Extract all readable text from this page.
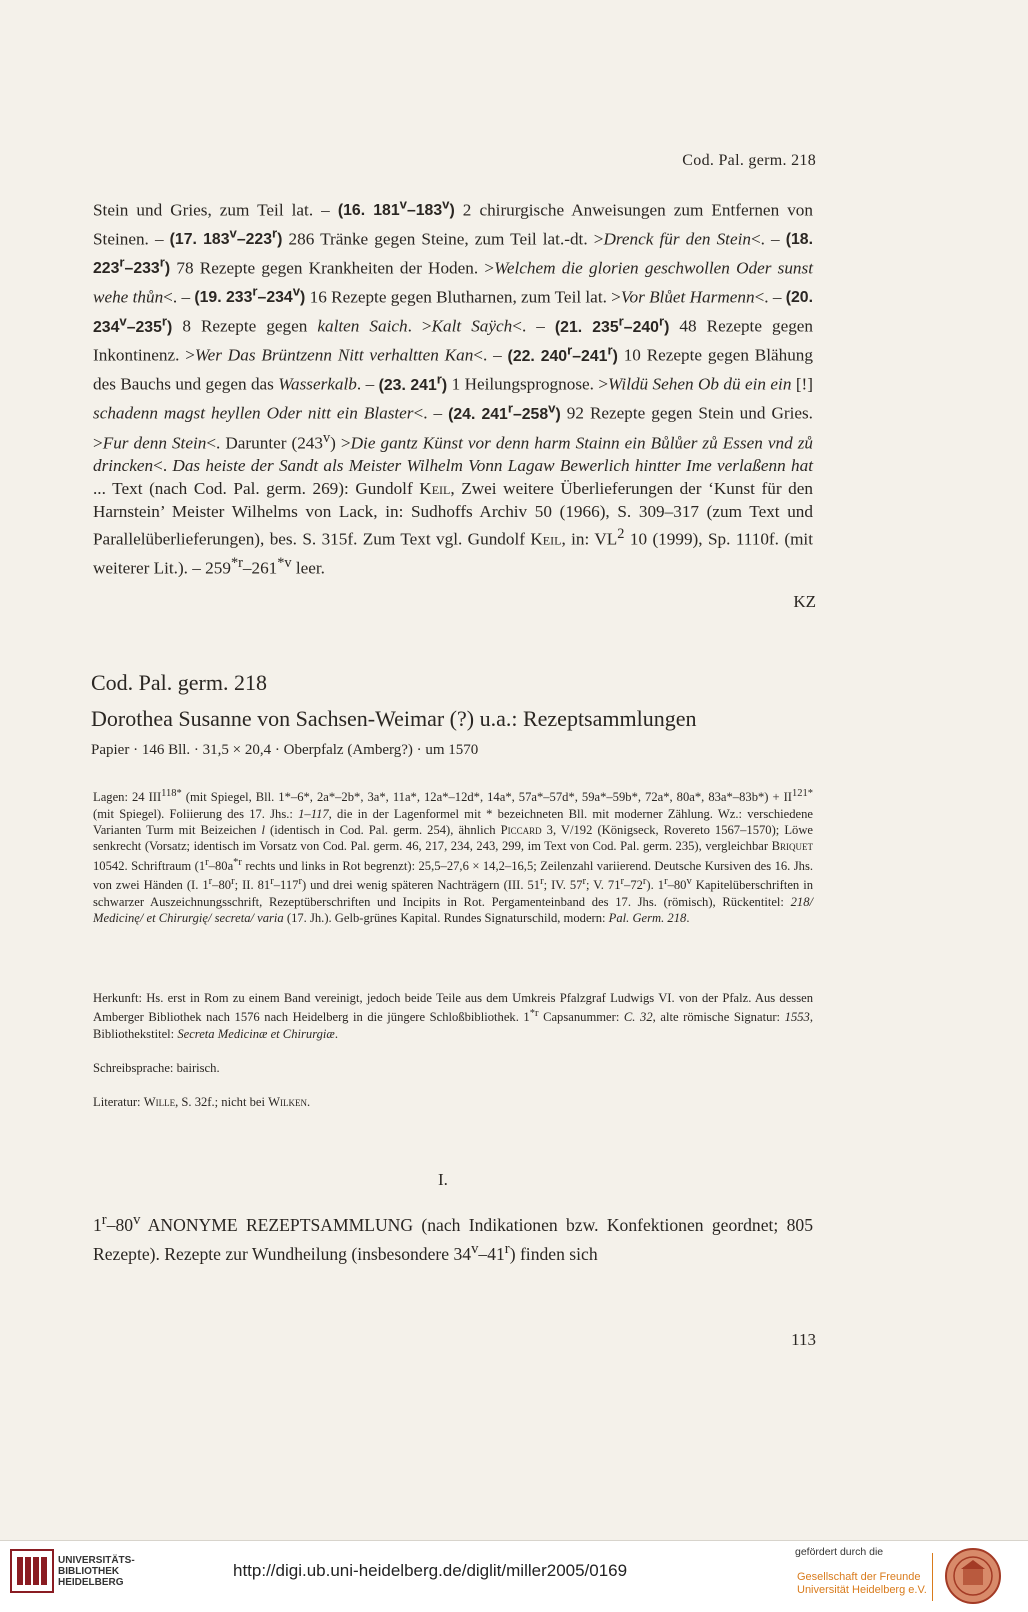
Cod. Pal. germ. 218
Stein und Gries, zum Teil lat. – (16. 181$^v$–183$^v$) 2 chirurgische Anweisungen zum Entfernen von Steinen. – (17. 183$^v$–223$^r$) 286 Tränke gegen Steine, zum Teil lat.-dt. >Drenck für den Stein<. – (18. 223$^r$–233$^r$) 78 Rezepte gegen Krankheiten der Hoden. >Welchem die glorien geschwollen Oder sunst wehe thůn<. – (19. 233$^r$–234$^v$) 16 Rezepte gegen Blutharnen, zum Teil lat. >Vor Blůet Harmenn<. – (20. 234$^v$–235$^r$) 8 Rezepte gegen kalten Saich. >Kalt Saÿch<. – (21. 235$^r$–240$^r$) 48 Rezepte gegen Inkontinenz. >Wer Das Brüntzenn Nitt verhaltten Kan<. – (22. 240$^r$–241$^r$) 10 Rezepte gegen Blähung des Bauchs und gegen das Wasserkalb. – (23. 241$^r$) 1 Heilungsprognose. >Wildü Sehen Ob dü ein ein [!] schadenn magst heyllen Oder nitt ein Blaster<. – (24. 241$^r$–258$^v$) 92 Rezepte gegen Stein und Gries. >Fur denn Stein<. Darunter $(243^v) >Die$ gantz Künst vor denn harm Stainn ein Bůlůer zů Essen vnd zů drincken<. Das heiste der Sandt als Meister Wilhelm Vonn Lagaw Bewerlich hintter Ime verlaßenn hat ... Text (nach Cod. Pal. germ. 269): Gundolf Keil, Zwei weitere Überlieferungen der ‘Kunst für den Harnstein’ Meister Wilhelms von Lack, in: Sudhoffs Archiv 50 (1966), S. 309–317 (zum Text und Parallelüberlieferungen), bes. S. 315f. Zum Text vgl. Gundolf Keil, in: $VL^2$ 10 (1999), Sp. 1110f. (mit weiterer Lit.). – 259$^{*r}$–261$^{*v}$ leer.
KZ
Cod. Pal. germ. 218
Dorothea Susanne von Sachsen-Weimar (?) u.a.: Rezeptsammlungen
Papier · 146 Bll. · 31,5 × 20,4 · Oberpfalz (Amberg?) · um 1570
Lagen: 24 $III^{118*}$ (mit Spiegel, Bll. 1*–6*, 2a*–2b*, 3a*, 11a*, 12a*–12d*, 14a*, 57a*–57d*, 59a*–59b*, 72a*, 80a*, $83a*-83b*) + II^{121*}$ (mit Spiegel). Foliierung des 17. Jhs.: 1–117, die in der Lagenformel mit * bezeichneten Bll. mit moderner Zählung. Wz.: verschiedene Varianten Turm mit Beizeichen l (identisch in Cod. Pal. germ. 254), ähnlich Piccard 3, V/192 (Königseck, Rovereto 1567–1570); Löwe senkrecht (Vorsatz; identisch im Vorsatz von Cod. Pal. germ. 46, 217, 234, 243, 299, im Text von Cod. Pal. germ. 235), vergleichbar Briquet 10542. Schriftraum ($1^r-80a^{*r}$ rechts und links in Rot begrenzt): 25,5–27,6 × 14,2–16,5; Zeilenzahl variierend. Deutsche Kursiven des 16. Jhs. von zwei Händen (I. 1$^r$–80$^r$; II. 81$^r$–117$^r$) und drei wenig späteren Nachträgern (III. 51$^r$; IV. 57$^r$; V. 71$^r$–72$^r$). 1$^r$–80$^v$ Kapitelüberschriften in schwarzer Auszeichnungsschrift, Rezeptüberschriften und Incipits in Rot. Pergamenteinband des 17. Jhs. (römisch), Rückentitel: 218/ Medicinę/ et Chirurgię/ secreta/ varia (17. Jh.). Gelb-grünes Kapital. Rundes Signaturschild, modern: Pal. Germ. 218.
Herkunft: Hs. erst in Rom zu einem Band vereinigt, jedoch beide Teile aus dem Umkreis Pfalzgraf Ludwigs VI. von der Pfalz. Aus dessen Amberger Bibliothek nach 1576 nach Heidelberg in die jüngere Schloßbibliothek. 1$^{*r}$ Capsanummer: C. 32, alte römische Signatur: 1553, Bibliothekstitel: Secreta Medicinæ et Chirurgiæ.
Schreibsprache: bairisch.
Literatur: Wille, S. 32f.; nicht bei Wilken.
I.
1$^r$–80$^v$ ANONYME REZEPTSAMMLUNG (nach Indikationen bzw. Konfektionen geordnet; 805 Rezepte). Rezepte zur Wundheilung (insbesondere 34$^v$–41$^r$) finden sich
113
UNIVERSITÄTS-
BIBLIOTHEK
HEIDELBERG
http://digi.ub.uni-heidelberg.de/diglit/miller2005/0169
gefördert durch die
Gesellschaft der Freunde
Universität Heidelberg e.V.
